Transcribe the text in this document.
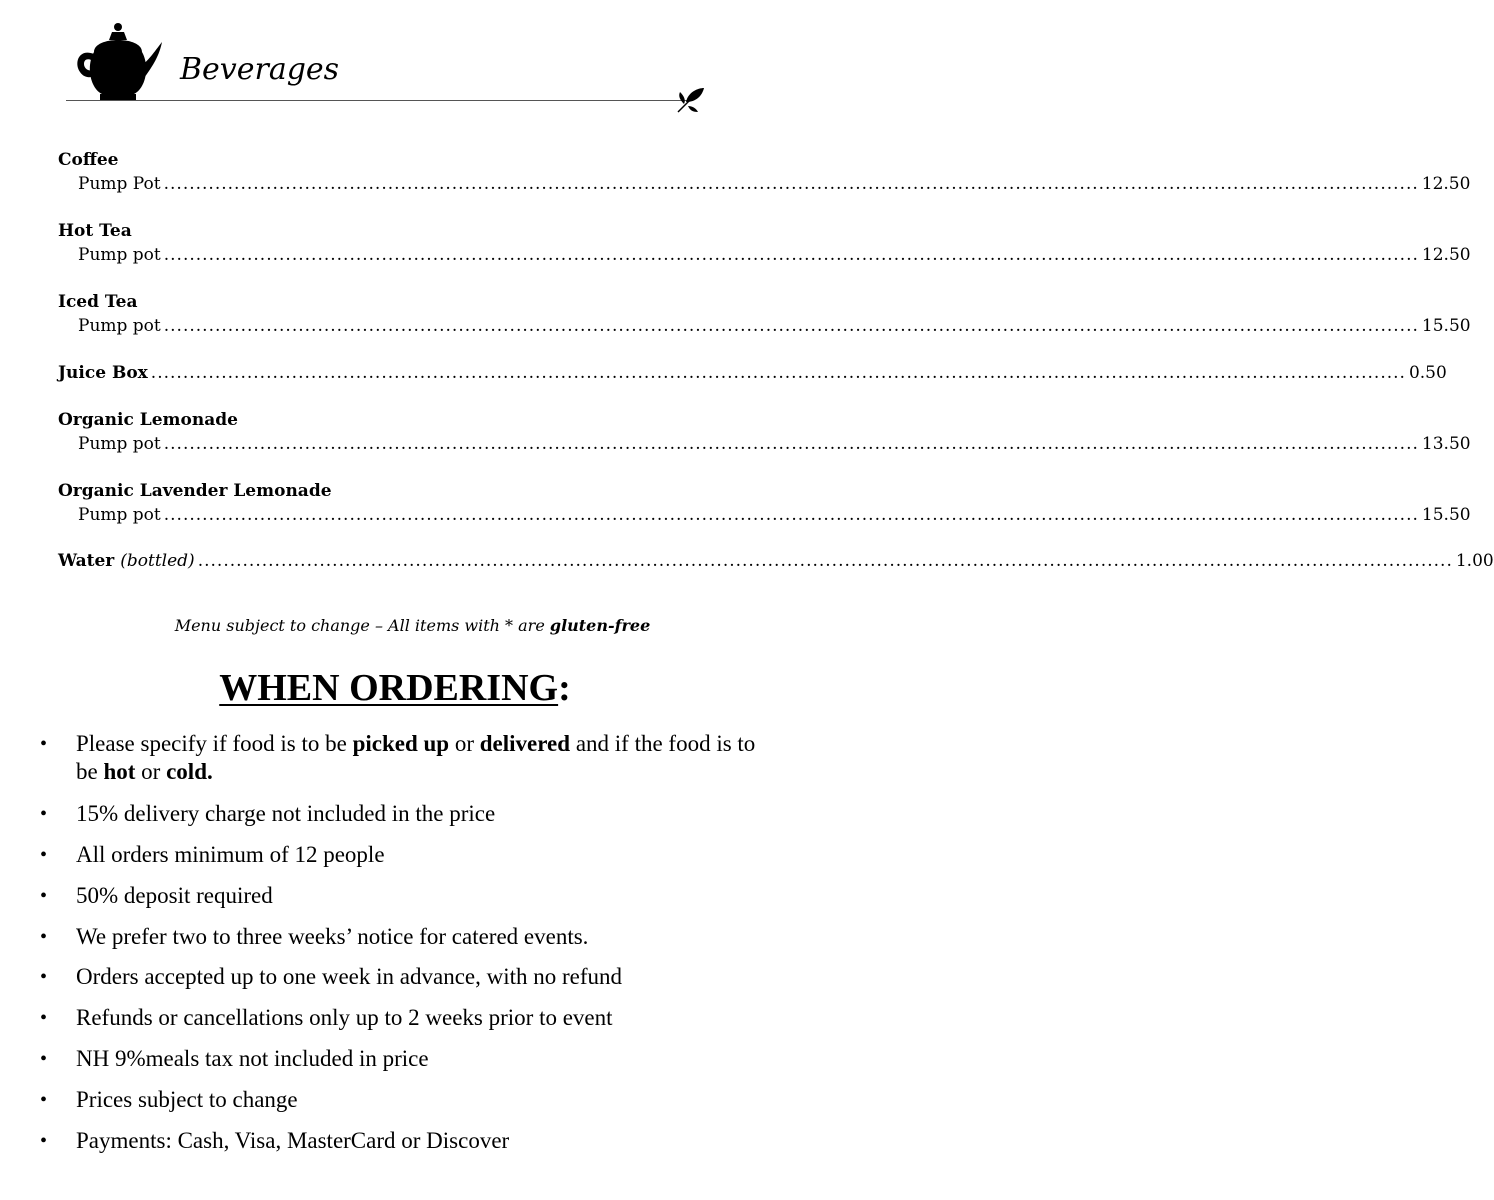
Beverages
Coffee
Pump Pot .................................................................................................................................................................................................... 12.50
Hot Tea
Pump pot .................................................................................................................................................................................................... 12.50
Iced Tea
Pump pot .................................................................................................................................................................................................... 15.50
Juice Box .................................................................................................................................................................................................... 0.50
Organic Lemonade
Pump pot .................................................................................................................................................................................................... 13.50
Organic Lavender Lemonade
Pump pot .................................................................................................................................................................................................... 15.50
Water (bottled) .................................................................................................................................................................................................... 1.00
Menu subject to change – All items with * are gluten-free
WHEN ORDERING:
• Please specify if food is to be picked up or delivered and if the food is to be hot or cold.
• 15% delivery charge not included in the price
• All orders minimum of 12 people
• 50% deposit required
• We prefer two to three weeks’ notice for catered events.
• Orders accepted up to one week in advance, with no refund
• Refunds or cancellations only up to 2 weeks prior to event
• NH 9%meals tax not included in price
• Prices subject to change
• Payments: Cash, Visa, MasterCard or Discover
